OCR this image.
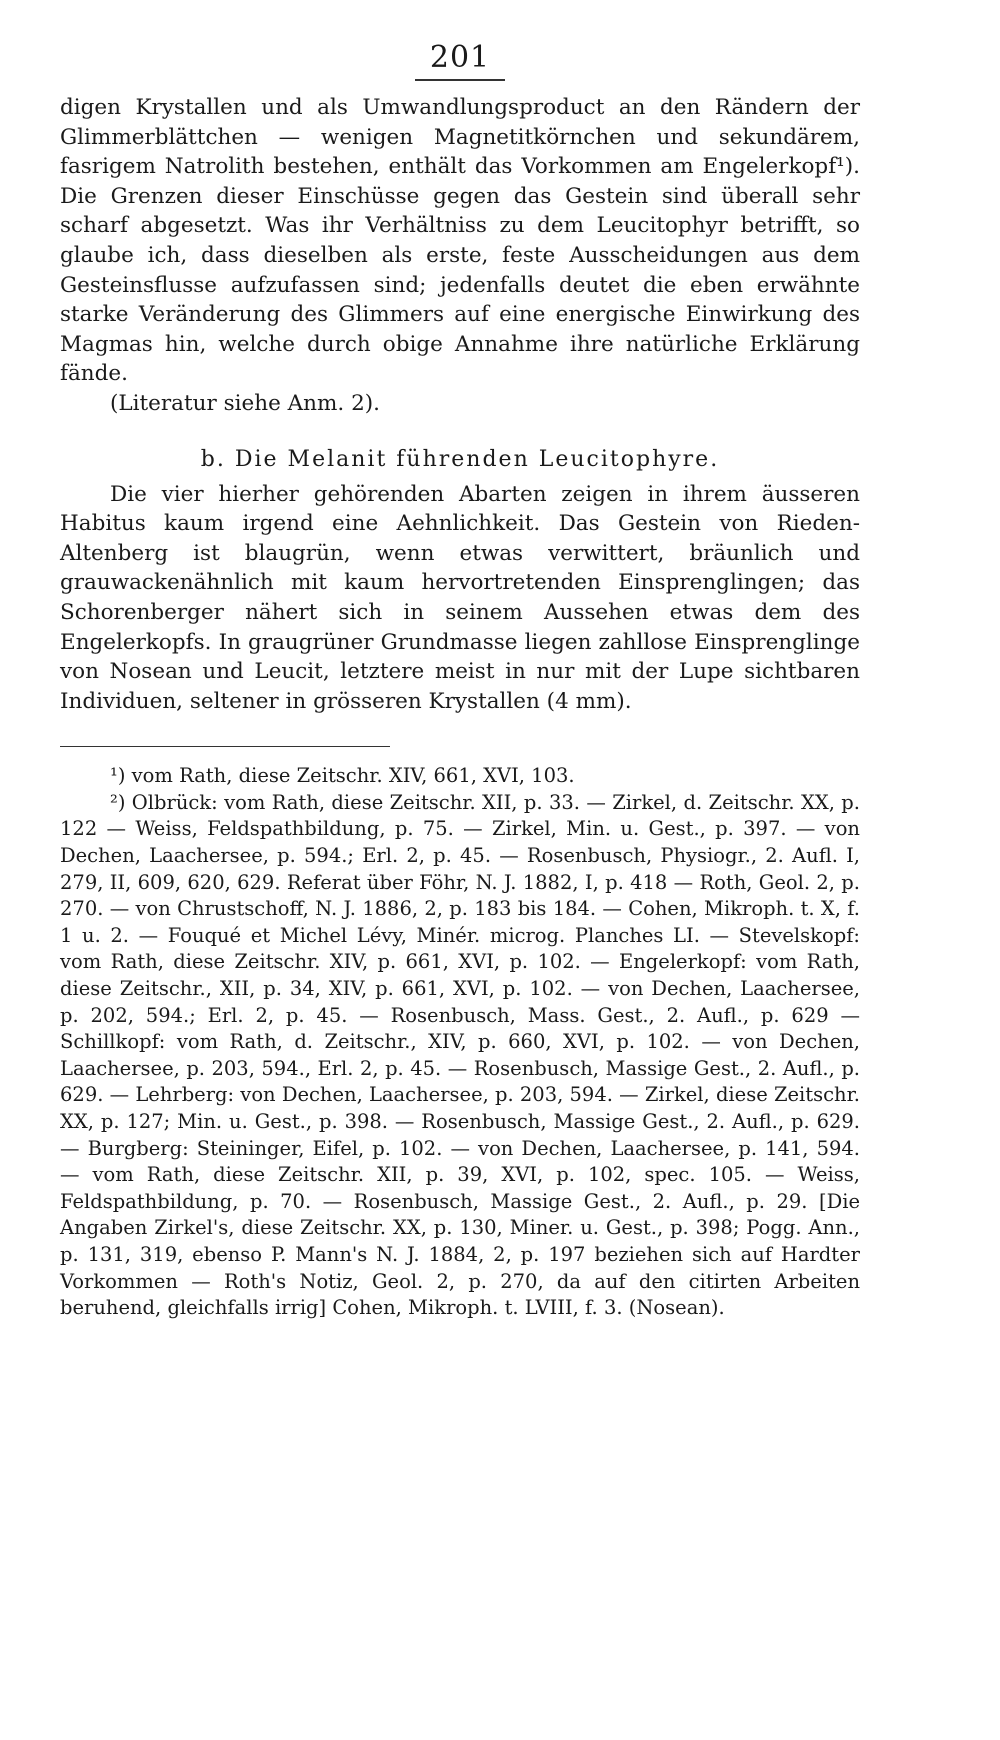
201

digen Krystallen und als Umwandlungsproduct an den Rändern der Glimmerblättchen — wenigen Magnetitkörnchen und sekundärem, fasrigem Natrolith bestehen, enthält das Vorkommen am Engelerkopf¹). Die Grenzen dieser Einschüsse gegen das Gestein sind überall sehr scharf abgesetzt. Was ihr Verhältniss zu dem Leucitophyr betrifft, so glaube ich, dass dieselben als erste, feste Ausscheidungen aus dem Gesteinsflusse aufzufassen sind; jedenfalls deutet die eben erwähnte starke Veränderung des Glimmers auf eine energische Einwirkung des Magmas hin, welche durch obige Annahme ihre natürliche Erklärung fände.

(Literatur siehe Anm. 2).

b. Die Melanit führenden Leucitophyre.

Die vier hierher gehörenden Abarten zeigen in ihrem äusseren Habitus kaum irgend eine Aehnlichkeit. Das Gestein von Rieden-Altenberg ist blaugrün, wenn etwas verwittert, bräunlich und grauwackenähnlich mit kaum hervortretenden Einsprenglingen; das Schorenberger nähert sich in seinem Aussehen etwas dem des Engelerkopfs. In graugrüner Grundmasse liegen zahllose Einsprenglinge von Nosean und Leucit, letztere meist in nur mit der Lupe sichtbaren Individuen, seltener in grösseren Krystallen (4 mm).

¹) vom Rath, diese Zeitschr. XIV, 661, XVI, 103.

²) Olbrück: vom Rath, diese Zeitschr. XII, p. 33. — Zirkel, d. Zeitschr. XX, p. 122 — Weiss, Feldspathbildung, p. 75. — Zirkel, Min. u. Gest., p. 397. — von Dechen, Laachersee, p. 594.; Erl. 2, p. 45. — Rosenbusch, Physiogr., 2. Aufl. I, 279, II, 609, 620, 629. Referat über Föhr, N. J. 1882, I, p. 418 — Roth, Geol. 2, p. 270. — von Chrustschoff, N. J. 1886, 2, p. 183 bis 184. — Cohen, Mikroph. t. X, f. 1 u. 2. — Fouqué et Michel Lévy, Minér. microg. Planches LI. — Stevelskopf: vom Rath, diese Zeitschr. XIV, p. 661, XVI, p. 102. — Engelerkopf: vom Rath, diese Zeitschr., XII, p. 34, XIV, p. 661, XVI, p. 102. — von Dechen, Laachersee, p. 202, 594.; Erl. 2, p. 45. — Rosenbusch, Mass. Gest., 2. Aufl., p. 629 — Schillkopf: vom Rath, d. Zeitschr., XIV, p. 660, XVI, p. 102. — von Dechen, Laachersee, p. 203, 594., Erl. 2, p. 45. — Rosenbusch, Massige Gest., 2. Aufl., p. 629. — Lehrberg: von Dechen, Laachersee, p. 203, 594. — Zirkel, diese Zeitschr. XX, p. 127; Min. u. Gest., p. 398. — Rosenbusch, Massige Gest., 2. Aufl., p. 629. — Burgberg: Steininger, Eifel, p. 102. — von Dechen, Laachersee, p. 141, 594. — vom Rath, diese Zeitschr. XII, p. 39, XVI, p. 102, spec. 105. — Weiss, Feldspathbildung, p. 70. — Rosenbusch, Massige Gest., 2. Aufl., p. 29. [Die Angaben Zirkel's, diese Zeitschr. XX, p. 130, Miner. u. Gest., p. 398; Pogg. Ann., p. 131, 319, ebenso P. Mann's N. J. 1884, 2, p. 197 beziehen sich auf Hardter Vorkommen — Roth's Notiz, Geol. 2, p. 270, da auf den citirten Arbeiten beruhend, gleichfalls irrig] Cohen, Mikroph. t. LVIII, f. 3. (Nosean).
